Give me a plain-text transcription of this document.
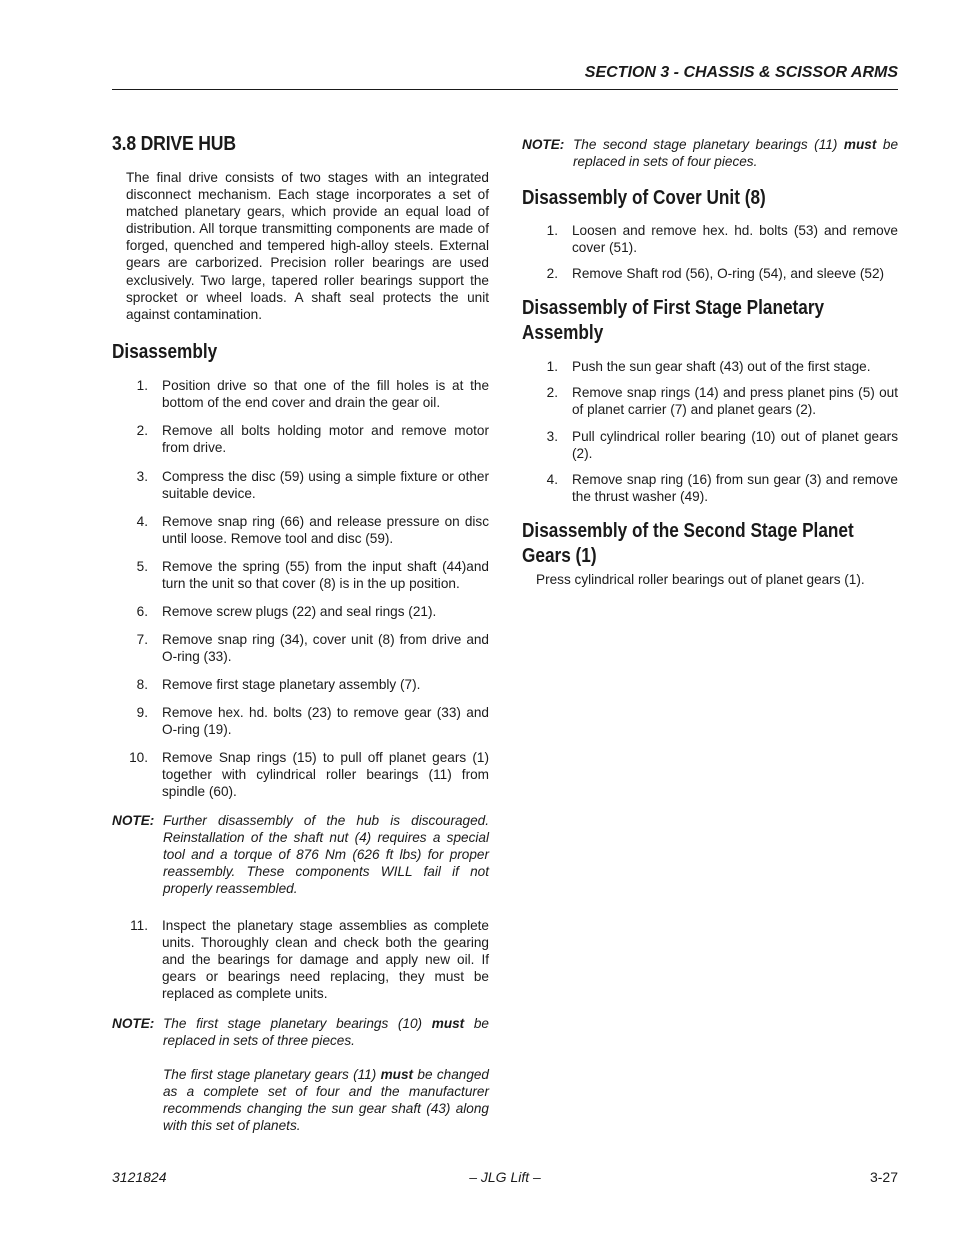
SECTION 3 - CHASSIS & SCISSOR ARMS
3.8 DRIVE HUB

The final drive consists of two stages with an integrated disconnect mechanism. Each stage incorporates a set of matched planetary gears, which provide an equal load of distribution. All torque transmitting components are made of forged, quenched and tempered high-alloy steels. External gears are carborized. Precision roller bearings are used exclusively. Two large, tapered roller bearings support the sprocket or wheel loads. A shaft seal protects the unit against contamination.

Disassembly
1. Position drive so that one of the fill holes is at the bottom of the end cover and drain the gear oil.
2. Remove all bolts holding motor and remove motor from drive.
3. Compress the disc (59) using a simple fixture or other suitable device.
4. Remove snap ring (66) and release pressure on disc until loose. Remove tool and disc (59).
5. Remove the spring (55) from the input shaft (44)and turn the unit so that cover (8) is in the up position.
6. Remove screw plugs (22) and seal rings (21).
7. Remove snap ring (34), cover unit (8) from drive and O-ring (33).
8. Remove first stage planetary assembly (7).
9. Remove hex. hd. bolts (23) to remove gear (33) and O-ring (19).
10. Remove Snap rings (15) to pull off planet gears (1) together with cylindrical roller bearings (11) from spindle (60).
NOTE: Further disassembly of the hub is discouraged. Reinstallation of the shaft nut (4) requires a special tool and a torque of 876 Nm (626 ft lbs) for proper reassembly. These components WILL fail if not properly reassembled.
11. Inspect the planetary stage assemblies as complete units. Thoroughly clean and check both the gearing and the bearings for damage and apply new oil. If gears or bearings need replacing, they must be replaced as complete units.
NOTE: The first stage planetary bearings (10) must be replaced in sets of three pieces.
The first stage planetary gears (11) must be changed as a complete set of four and the manufacturer recommends changing the sun gear shaft (43) along with this set of planets.
NOTE: The second stage planetary bearings (11) must be replaced in sets of four pieces.
Disassembly of Cover Unit (8)
1. Loosen and remove hex. hd. bolts (53) and remove cover (51).
2. Remove Shaft rod (56), O-ring (54), and sleeve (52)
Disassembly of First Stage Planetary
Assembly
1. Push the sun gear shaft (43) out of the first stage.
2. Remove snap rings (14) and press planet pins (5) out of planet carrier (7) and planet gears (2).
3. Pull cylindrical roller bearing (10) out of planet gears (2).
4. Remove snap ring (16) from sun gear (3) and remove the thrust washer (49).
Disassembly of the Second Stage Planet
Gears (1)

Press cylindrical roller bearings out of planet gears (1).

3121824	– JLG Lift –	3-27
